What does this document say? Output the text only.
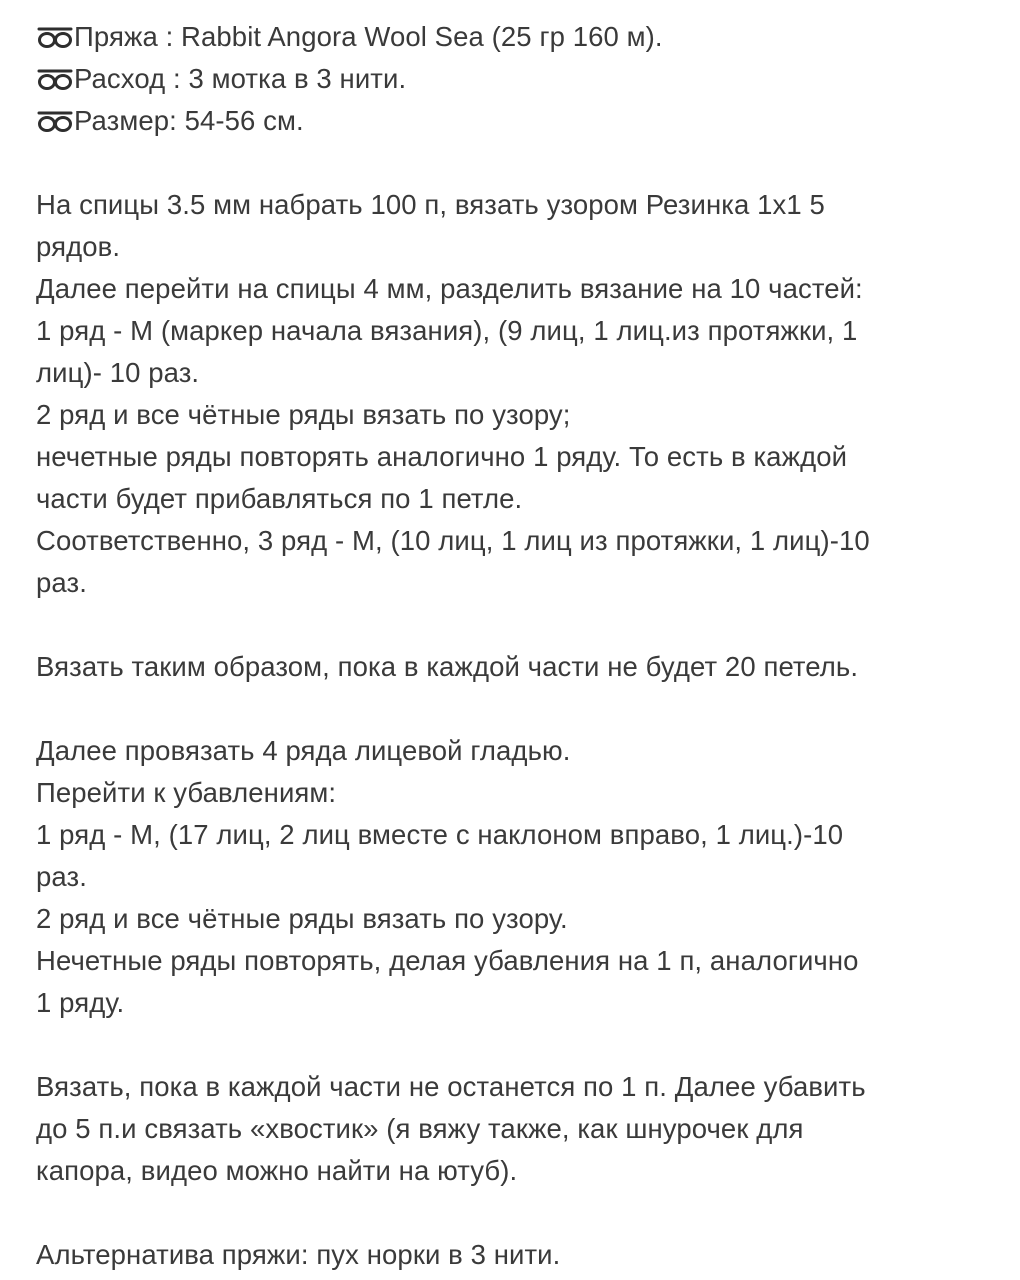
Пряжа : Rabbit Angora Wool Sea (25 гр 160 м).
Расход : 3 мотка в 3 нити.
Размер: 54-56 см.
На спицы 3.5 мм набрать 100 п, вязать узором Резинка 1х1 5
рядов.
Далее перейти на спицы 4 мм, разделить вязание на 10 частей:
1 ряд - М (маркер начала вязания), (9 лиц, 1 лиц.из протяжки, 1
лиц)- 10 раз.
2 ряд и все чётные ряды вязать по узору;
нечетные ряды повторять аналогично 1 ряду. То есть в каждой
части будет прибавляться по 1 петле.
Соответственно, 3 ряд - М, (10 лиц, 1 лиц из протяжки, 1 лиц)-10
раз.
Вязать таким образом, пока в каждой части не будет 20 петель.
Далее провязать 4 ряда лицевой гладью.
Перейти к убавлениям:
1 ряд - М, (17 лиц, 2 лиц вместе с наклоном вправо, 1 лиц.)-10
раз.
2 ряд и все чётные ряды вязать по узору.
Нечетные ряды повторять, делая убавления на 1 п, аналогично
1 ряду.
Вязать, пока в каждой части не останется по 1 п. Далее убавить
до 5 п.и связать «хвостик» (я вяжу также, как шнурочек для
капора, видео можно найти на ютуб).
Альтернатива пряжи: пух норки в 3 нити.
